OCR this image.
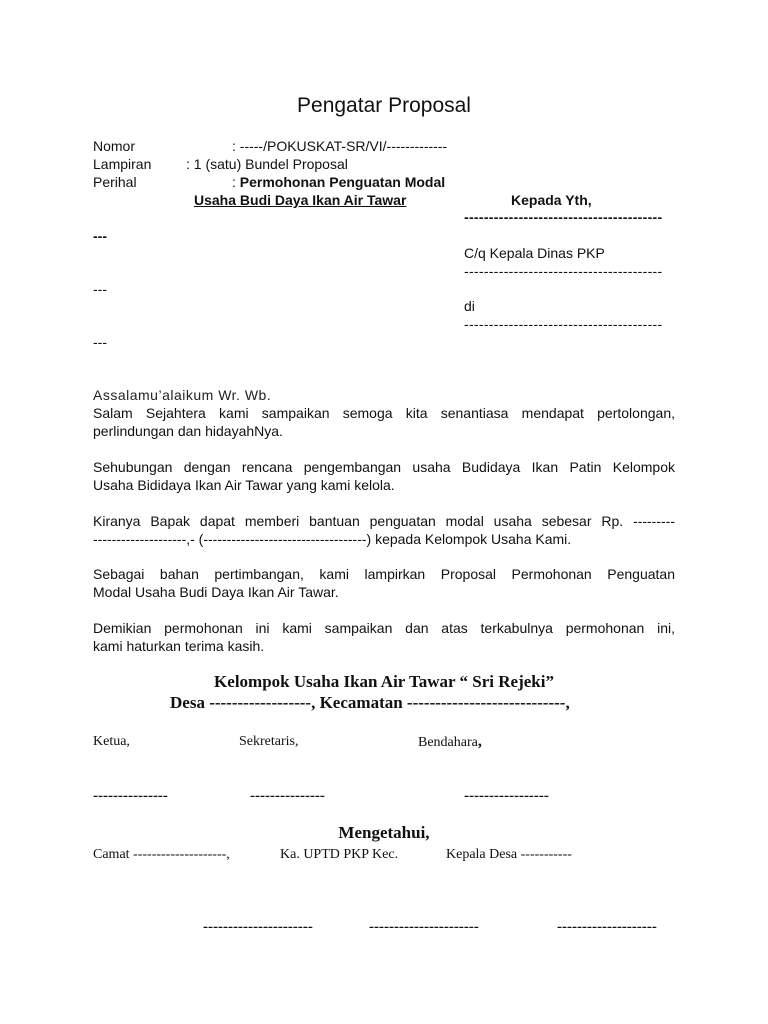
Pengatar Proposal
Nomor	: -----/POKUSKAT-SR/VI/-------------
Lampiran : 1 (satu) Bundel Proposal
Perihal	: Permohonan Penguatan Modal
Usaha Budi Daya Ikan Air Tawar	Kepada Yth,
----------------------------------------
---
C/q Kepala Dinas PKP
----------------------------------------
---
di
----------------------------------------
---
Assalamu’alaikum Wr. Wb.
Salam Sejahtera kami sampaikan semoga kita senantiasa mendapat pertolongan,
perlindungan dan hidayahNya.
Sehubungan dengan rencana pengembangan usaha Budidaya Ikan Patin Kelompok
Usaha Bididaya Ikan Air Tawar yang kami kelola.
Kiranya Bapak dapat memberi bantuan penguatan modal usaha sebesar Rp. ---------
--------------------,- (-----------------------------------) kepada Kelompok Usaha Kami.
Sebagai bahan pertimbangan, kami lampirkan Proposal Permohonan Penguatan
Modal Usaha Budi Daya Ikan Air Tawar.
Demikian permohonan ini kami sampaikan dan atas terkabulnya permohonan ini,
kami haturkan terima kasih.
Kelompok Usaha Ikan Air Tawar “ Sri Rejeki”
Desa ------------------, Kecamatan ----------------------------,
Ketua,	Sekretaris,	Bendahara,
---------------	---------------	-----------------
Mengetahui,
Camat --------------------,	Ka. UPTD PKP Kec.	Kepala Desa -----------
----------------------	----------------------	--------------------
